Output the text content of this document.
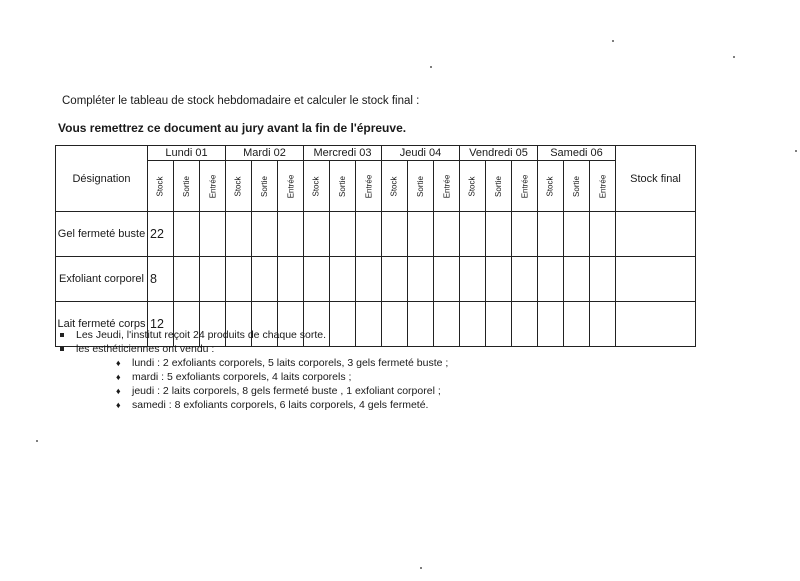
Compléter le tableau de stock hebdomadaire et calculer le stock final :
Vous remettrez ce document au jury avant la fin de l'épreuve.
Désignation	Lundi 01			Mardi 02			Mercredi 03			Jeudi 04			Vendredi 05			Samedi 06			Stock final
	Stock	Sortie	Entrée	Stock	Sortie	Entrée	Stock	Sortie	Entrée	Stock	Sortie	Entrée	Stock	Sortie	Entrée	Stock	Sortie	Entrée	
Gel fermeté buste	22																		
Exfoliant corporel	8																		
Lait fermeté corps	12																		
Les Jeudi, l'institut reçoit 24 produits de chaque sorte.
les esthéticiennes ont vendu :
♦ lundi : 2 exfoliants corporels, 5 laits corporels, 3 gels fermeté buste ;
♦ mardi : 5 exfoliants corporels, 4 laits corporels ;
♦ jeudi : 2 laits corporels, 8 gels fermeté buste , 1 exfoliant corporel ;
♦ samedi : 8 exfoliants corporels, 6 laits corporels, 4 gels fermeté.
